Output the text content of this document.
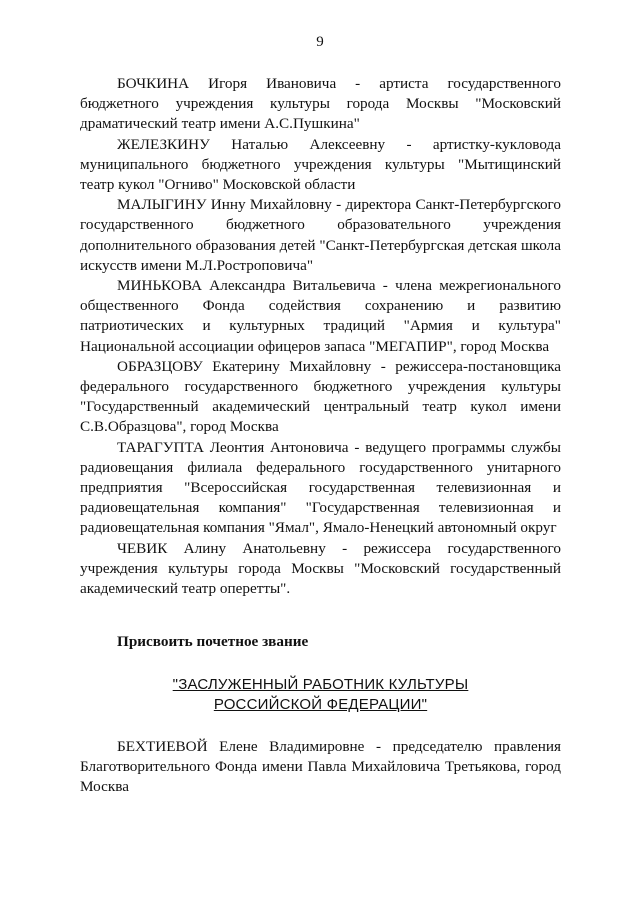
9

БОЧКИНА Игоря Ивановича - артиста государственного бюджетного учреждения культуры города Москвы "Московский драматический театр имени А.С.Пушкина"

ЖЕЛЕЗКИНУ Наталью Алексеевну - артистку-кукловода муниципального бюджетного учреждения культуры "Мытищинский театр кукол "Огниво" Московской области

МАЛЫГИНУ Инну Михайловну - директора Санкт-Петербургского государственного бюджетного образовательного учреждения дополнительного образования детей "Санкт-Петербургская детская школа искусств имени М.Л.Ростроповича"

МИНЬКОВА Александра Витальевича - члена межрегионального общественного Фонда содействия сохранению и развитию патриотических и культурных традиций "Армия и культура" Национальной ассоциации офицеров запаса "МЕГАПИР", город Москва

ОБРАЗЦОВУ Екатерину Михайловну - режиссера-постановщика федерального государственного бюджетного учреждения культуры "Государственный академический центральный театр кукол имени С.В.Образцова", город Москва

ТАРАГУПТА Леонтия Антоновича - ведущего программы службы радиовещания филиала федерального государственного унитарного предприятия "Всероссийская государственная телевизионная и радиовещательная компания" "Государственная телевизионная и радиовещательная компания "Ямал", Ямало-Ненецкий автономный округ

ЧЕВИК Алину Анатольевну - режиссера государственного учреждения культуры города Москвы "Московский государственный академический театр оперетты".

Присвоить почетное звание

"ЗАСЛУЖЕННЫЙ РАБОТНИК КУЛЬТУРЫ
РОССИЙСКОЙ ФЕДЕРАЦИИ"

БЕХТИЕВОЙ Елене Владимировне - председателю правления Благотворительного Фонда имени Павла Михайловича Третьякова, город Москва
